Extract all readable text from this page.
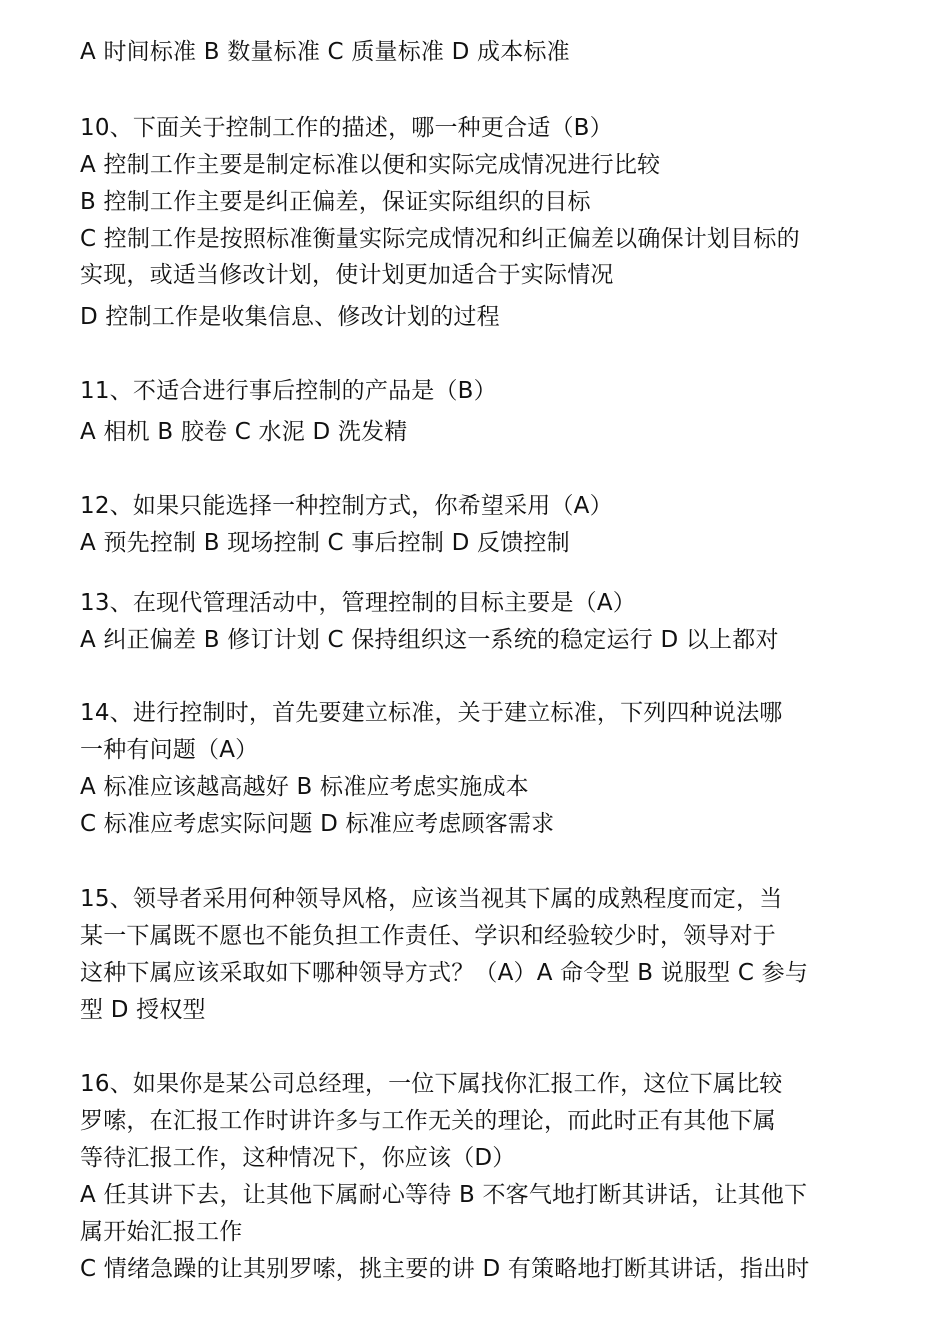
A 时间标准 B 数量标准 C 质量标准 D 成本标准
10、下面关于控制工作的描述，哪一种更合适（B）
A 控制工作主要是制定标准以便和实际完成情况进行比较
B 控制工作主要是纠正偏差，保证实际组织的目标
C 控制工作是按照标准衡量实际完成情况和纠正偏差以确保计划目标的
实现，或适当修改计划，使计划更加适合于实际情况
D 控制工作是收集信息、修改计划的过程
11、不适合进行事后控制的产品是（B）
A 相机 B 胶卷 C 水泥 D 洗发精
12、如果只能选择一种控制方式，你希望采用（A）
A 预先控制 B 现场控制 C 事后控制 D 反馈控制
13、在现代管理活动中，管理控制的目标主要是（A）
A 纠正偏差 B 修订计划 C 保持组织这一系统的稳定运行 D 以上都对
14、进行控制时，首先要建立标准，关于建立标准，下列四种说法哪
一种有问题（A）
A 标准应该越高越好 B 标准应考虑实施成本
C 标准应考虑实际问题 D 标准应考虑顾客需求
15、领导者采用何种领导风格，应该当视其下属的成熟程度而定，当
某一下属既不愿也不能负担工作责任、学识和经验较少时，领导对于
这种下属应该采取如下哪种领导方式？（A）A 命令型 B 说服型 C 参与
型 D 授权型
16、如果你是某公司总经理，一位下属找你汇报工作，这位下属比较
罗嗦，在汇报工作时讲许多与工作无关的理论，而此时正有其他下属
等待汇报工作，这种情况下，你应该（D）
A 任其讲下去，让其他下属耐心等待 B 不客气地打断其讲话，让其他下
属开始汇报工作
C 情绪急躁的让其别罗嗦，挑主要的讲 D 有策略地打断其讲话，指出时
